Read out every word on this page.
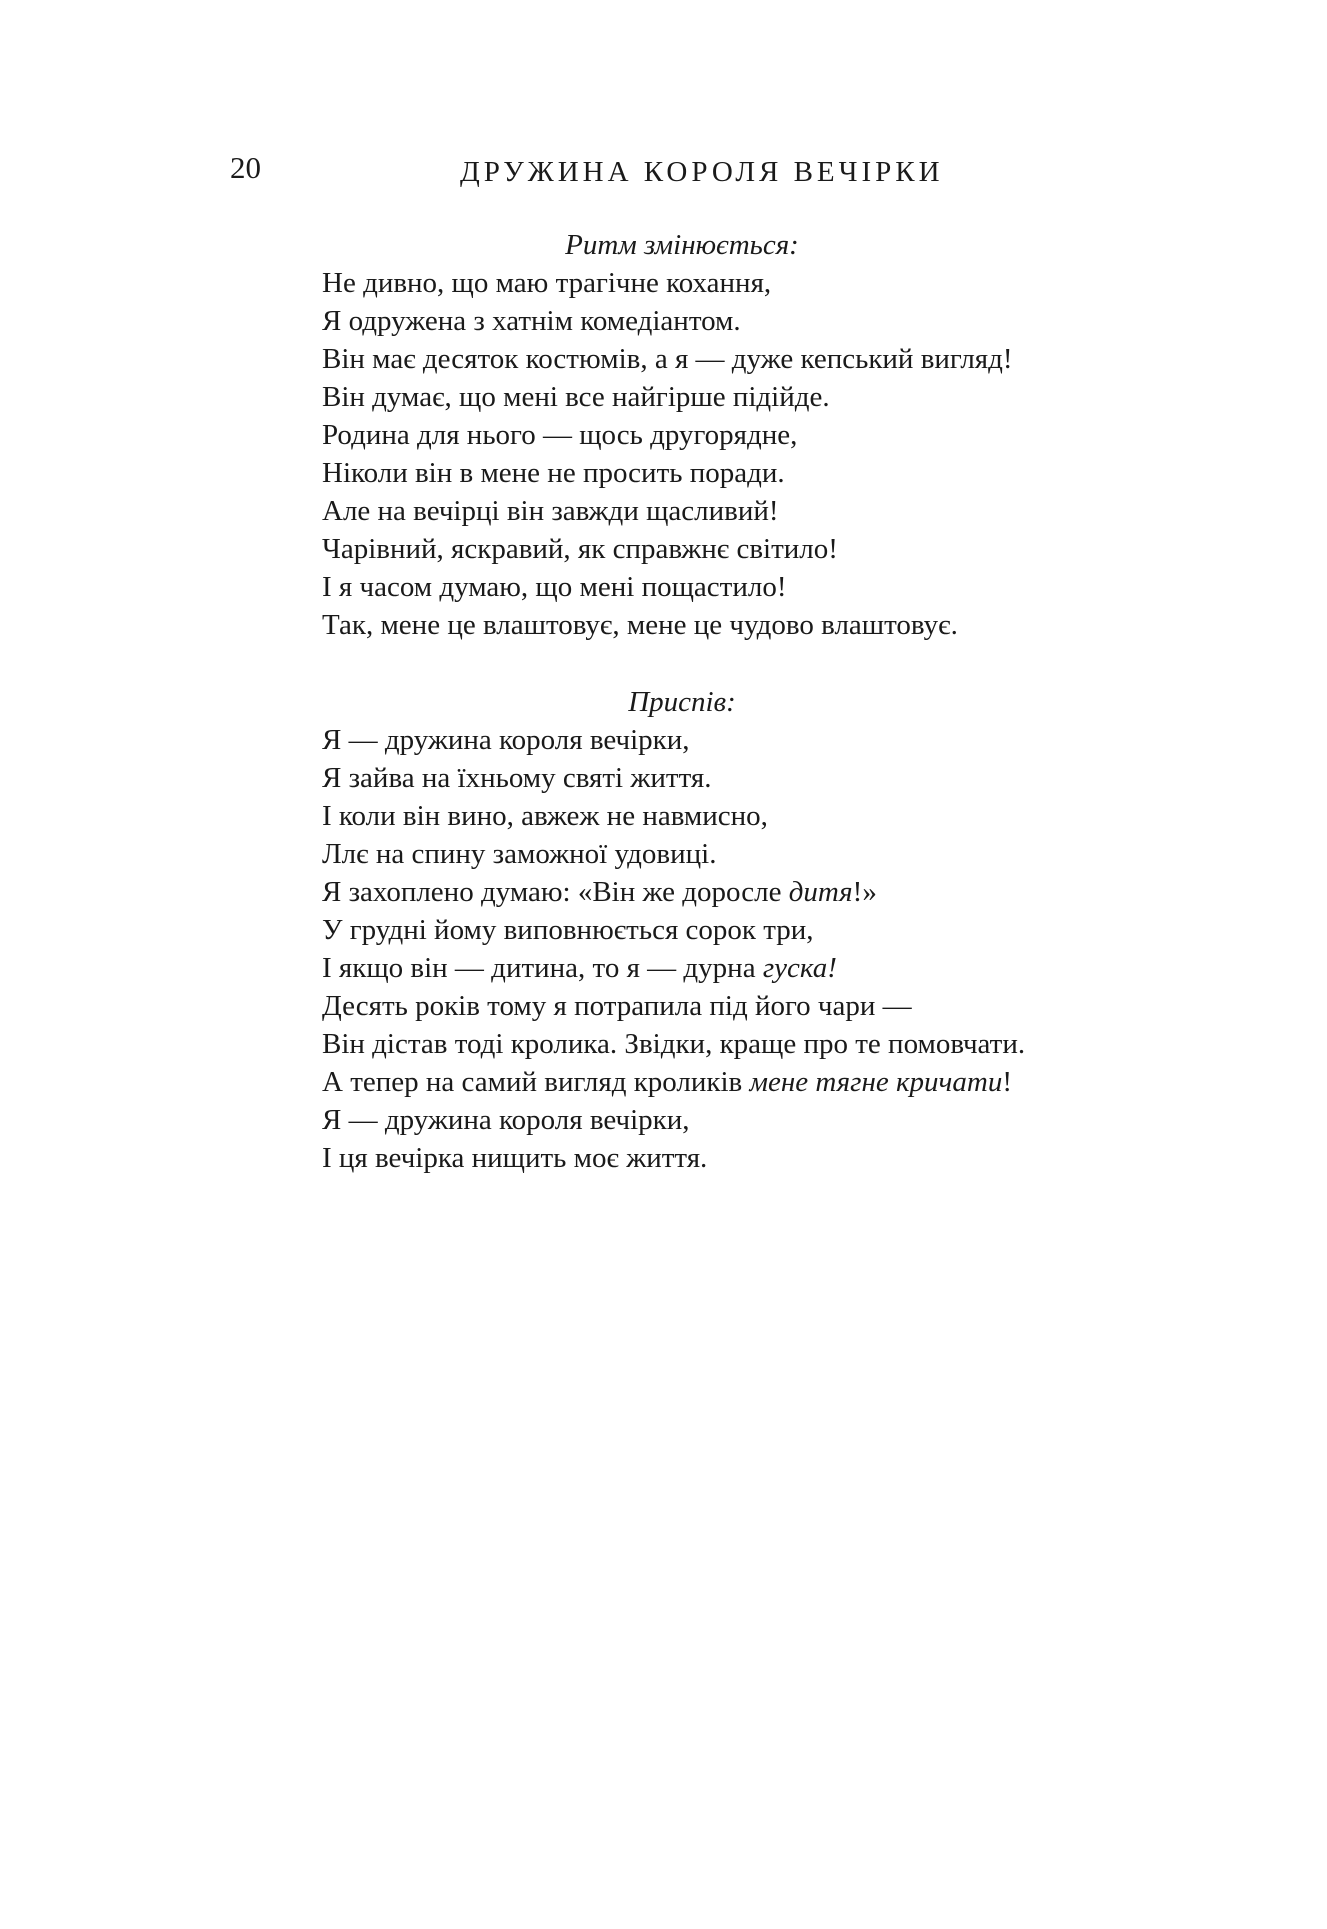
20	ДРУЖИНА КОРОЛЯ ВЕЧІРКИ
Ритм змінюється:
Не дивно, що маю трагічне кохання,
Я одружена з хатнім комедіантом.
Він має десяток костюмів, а я — дуже кепський вигляд!
Він думає, що мені все найгірше підійде.
Родина для нього — щось другорядне,
Ніколи він в мене не просить поради.
Але на вечірці він завжди щасливий!
Чарівний, яскравий, як справжнє світило!
І я часом думаю, що мені пощастило!
Так, мене це влаштовує, мене це чудово влаштовує.
Приспів:
Я — дружина короля вечірки,
Я зайва на їхньому святі життя.
І коли він вино, авжеж не навмисно,
Ллє на спину заможної удовиці.
Я захоплено думаю: «Він же доросле дитя!»
У грудні йому виповнюється сорок три,
І якщо він — дитина, то я — дурна гуска!
Десять років тому я потрапила під його чари —
Він дістав тоді кролика. Звідки, краще про те помовчати.
А тепер на самий вигляд кроликів мене тягне кричати!
Я — дружина короля вечірки,
І ця вечірка нищить моє життя.
